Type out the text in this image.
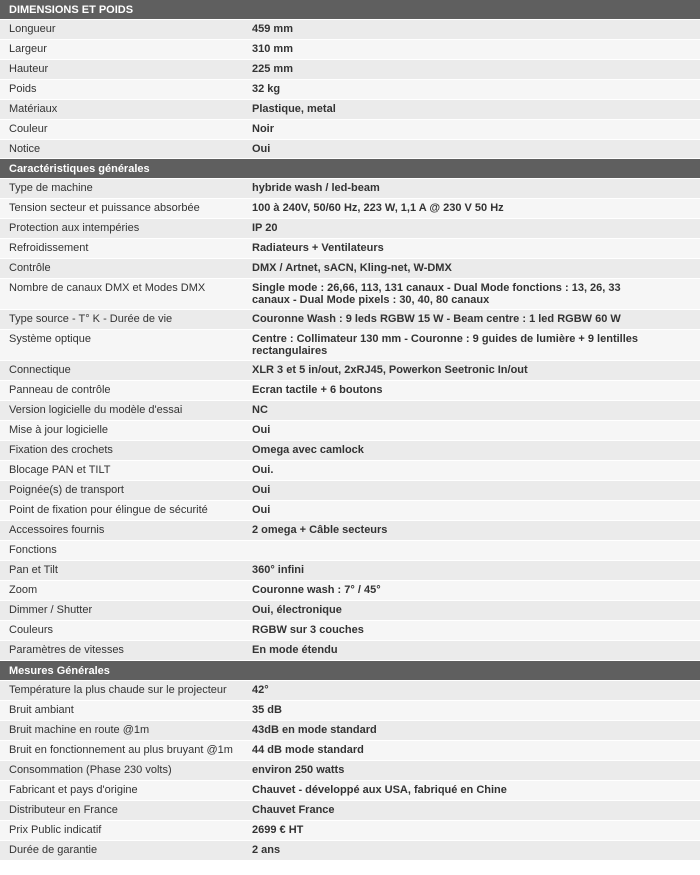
DIMENSIONS ET POIDS
Longueur	459 mm
Largeur	310 mm
Hauteur	225 mm
Poids	32 kg
Matériaux	Plastique, metal
Couleur	Noir
Notice	Oui
Caractéristiques générales
Type de machine	hybride wash / led-beam
Tension secteur et puissance absorbée	100 à 240V, 50/60 Hz, 223 W, 1,1 A @ 230 V 50 Hz
Protection aux intempéries	IP 20
Refroidissement	Radiateurs + Ventilateurs
Contrôle	DMX / Artnet, sACN, Kling-net, W-DMX
Nombre de canaux DMX et Modes DMX	Single mode : 26,66, 113, 131 canaux - Dual Mode fonctions : 13, 26, 33 canaux - Dual Mode pixels : 30, 40, 80 canaux
Type source - T° K - Durée de vie	Couronne Wash : 9 leds RGBW 15 W - Beam centre : 1 led RGBW 60 W
Système optique	Centre : Collimateur 130 mm - Couronne : 9 guides de lumière + 9 lentilles rectangulaires
Connectique	XLR 3 et 5 in/out, 2xRJ45, Powerkon Seetronic In/out
Panneau de contrôle	Ecran tactile + 6 boutons
Version logicielle du modèle d'essai	NC
Mise à jour logicielle	Oui
Fixation des crochets	Omega avec camlock
Blocage PAN et TILT	Oui.
Poignée(s) de transport	Oui
Point de fixation pour élingue de sécurité	Oui
Accessoires fournis	2 omega + Câble secteurs
Fonctions
Pan et Tilt	360° infini
Zoom	Couronne wash : 7° / 45°
Dimmer / Shutter	Oui, électronique
Couleurs	RGBW sur 3 couches
Paramètres de vitesses	En mode étendu
Mesures Générales
Température la plus chaude sur le projecteur	42°
Bruit ambiant	35 dB
Bruit machine en route @1m	43dB en mode standard
Bruit en fonctionnement au plus bruyant @1m	44 dB mode standard
Consommation (Phase 230 volts)	environ 250 watts
Fabricant et pays d'origine	Chauvet - développé aux USA, fabriqué en Chine
Distributeur en France	Chauvet France
Prix Public indicatif	2699 € HT
Durée de garantie	2 ans
